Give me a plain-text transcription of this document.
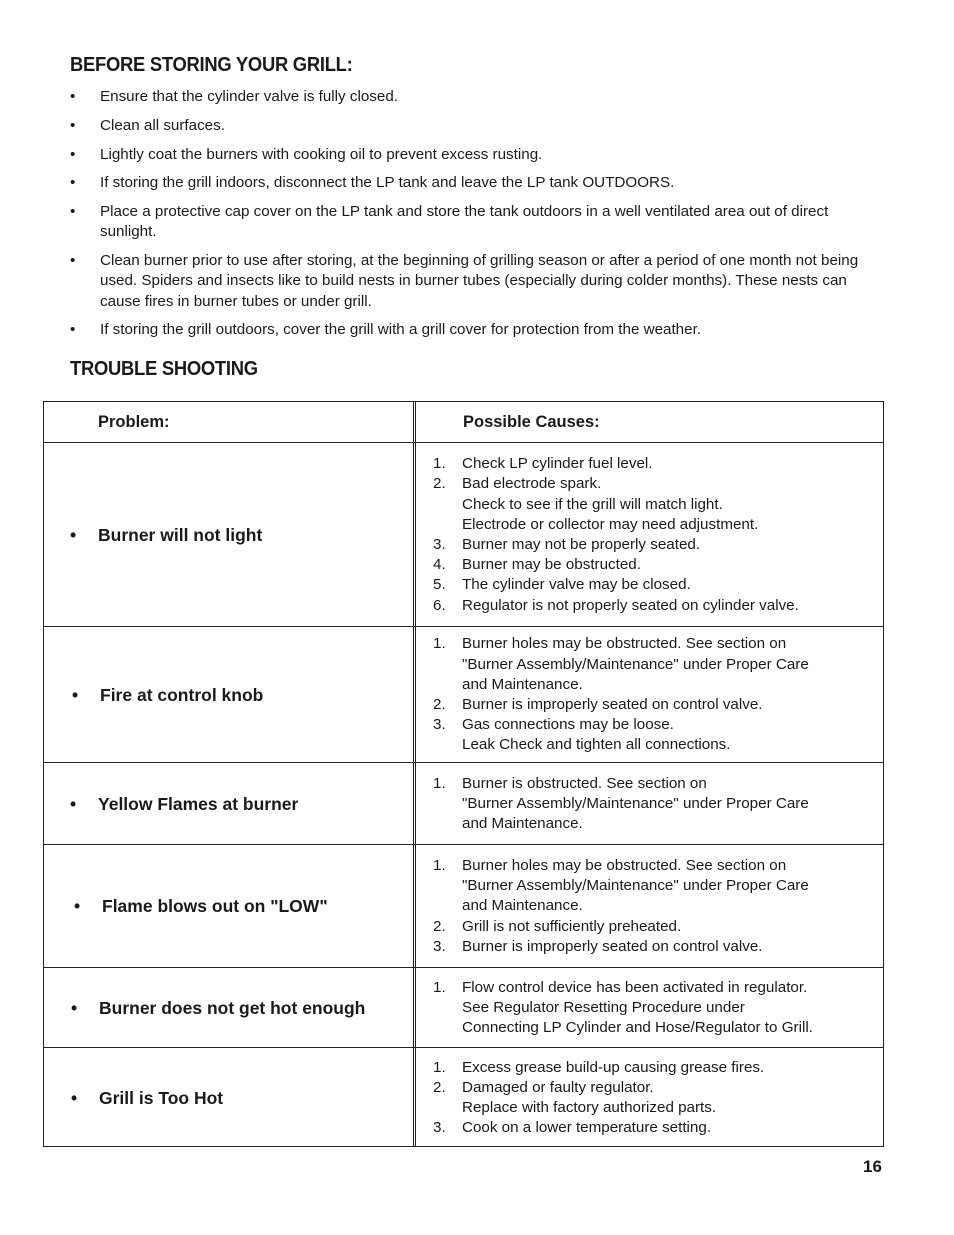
BEFORE STORING YOUR GRILL:
• Ensure that the cylinder valve is fully closed.
• Clean all surfaces.
• Lightly coat the burners with cooking oil to prevent excess rusting.
• If storing the grill indoors, disconnect the LP tank and leave the LP tank OUTDOORS.
• Place a protective cap cover on the LP tank and store the tank outdoors in a well ventilated area out of direct sunlight.
• Clean burner prior to use after storing, at the beginning of grilling season or after a period of one month not being used. Spiders and insects like to build nests in burner tubes (especially during colder months). These nests can cause fires in burner tubes or under grill.
• If storing the grill outdoors, cover the grill with a grill cover for protection from the weather.
TROUBLE SHOOTING
Problem:	Possible Causes:
•	Burner will not light
1.	Check LP cylinder fuel level.
2.	Bad electrode spark.
Check to see if the grill will match light.
Electrode or collector may need adjustment.
3.	Burner may not be properly seated.
4.	Burner may be obstructed.
5.	The cylinder valve may be closed.
6.	Regulator is not properly seated on cylinder valve.
•	Fire at control knob
1.	Burner holes may be obstructed. See section on
"Burner Assembly/Maintenance" under Proper Care
and Maintenance.
2.	Burner is improperly seated on control valve.
3.	Gas connections may be loose.
Leak Check and tighten all connections.
•	Yellow Flames at burner
1.	Burner is obstructed. See section on
"Burner Assembly/Maintenance" under Proper Care
and Maintenance.
•	Flame blows out on "LOW"
1.	Burner holes may be obstructed. See section on
"Burner Assembly/Maintenance" under Proper Care
and Maintenance.
2.	Grill is not sufficiently preheated.
3.	Burner is improperly seated on control valve.
•	Burner does not get hot enough
1.	Flow control device has been activated in regulator.
See Regulator Resetting Procedure under
Connecting LP Cylinder and Hose/Regulator to Grill.
•	Grill is Too Hot
1.	Excess grease build-up causing grease fires.
2.	Damaged or faulty regulator.
Replace with factory authorized parts.
3.	Cook on a lower temperature setting.
16
